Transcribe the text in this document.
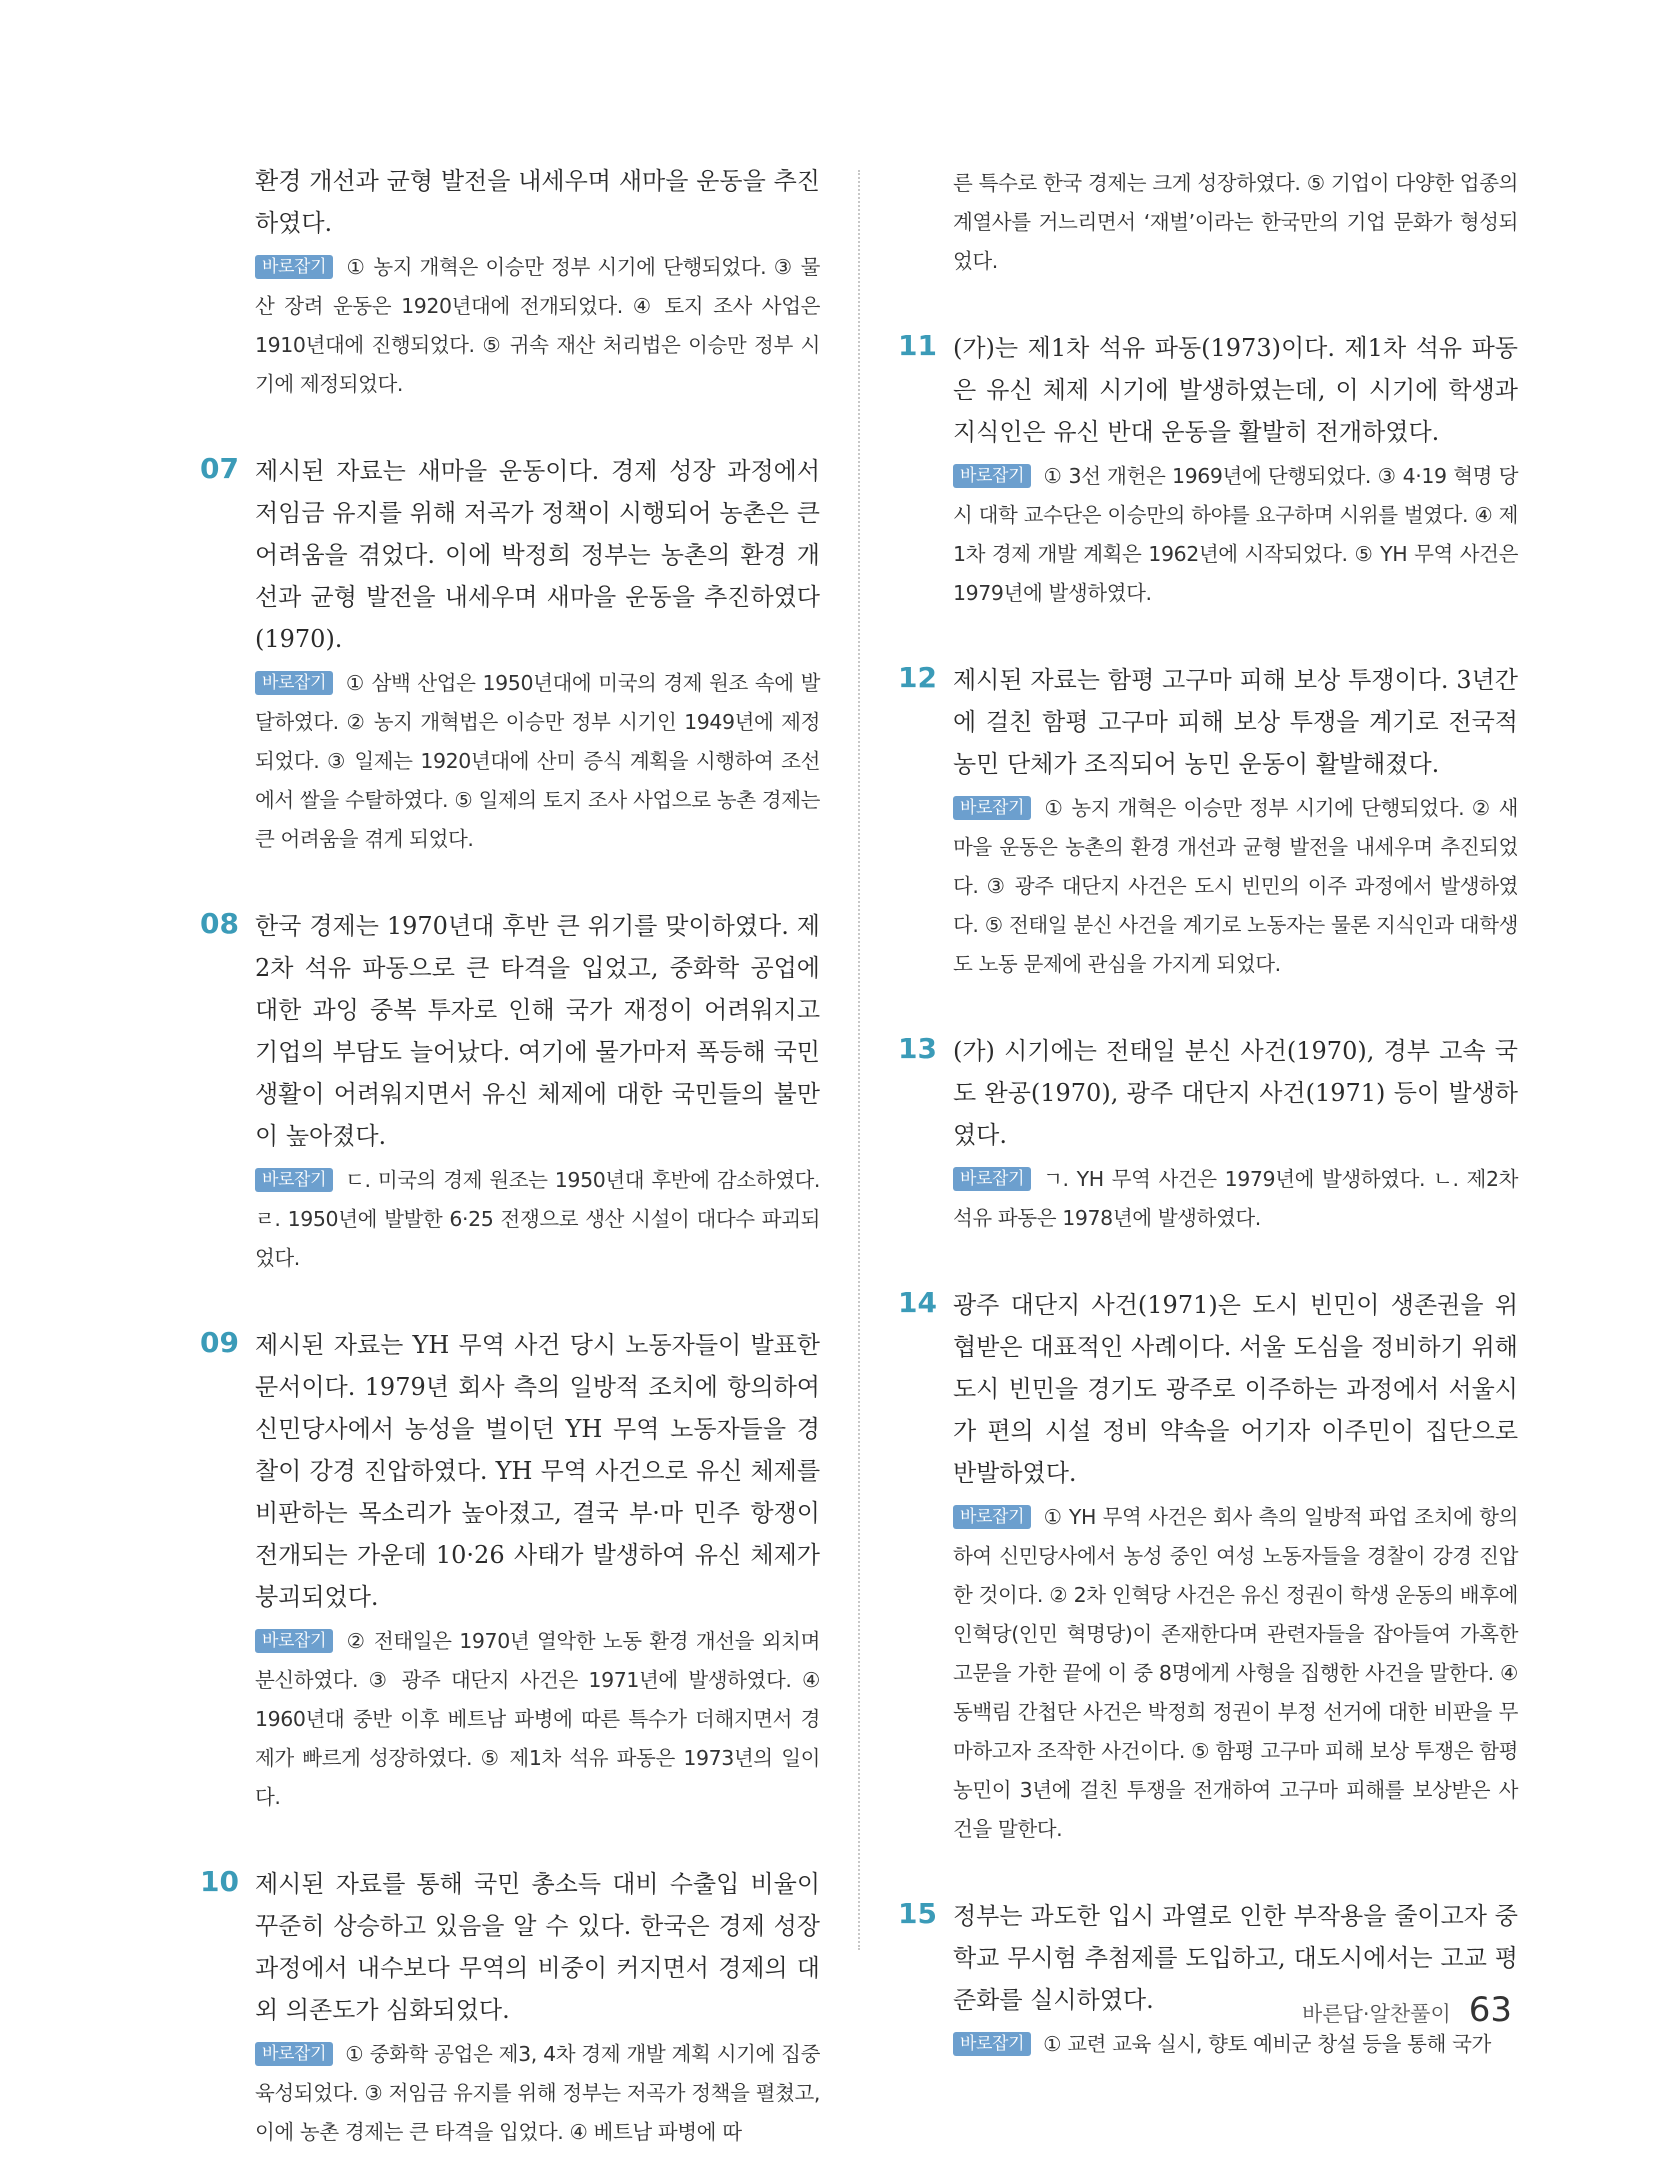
환경 개선과 균형 발전을 내세우며 새마을 운동을 추진하였다.

바로잡기 ① 농지 개혁은 이승만 정부 시기에 단행되었다. ③ 물산 장려 운동은 1920년대에 전개되었다. ④ 토지 조사 사업은 1910년대에 진행되었다. ⑤ 귀속 재산 처리법은 이승만 정부 시기에 제정되었다.

07 제시된 자료는 새마을 운동이다. 경제 성장 과정에서 저임금 유지를 위해 저곡가 정책이 시행되어 농촌은 큰 어려움을 겪었다. 이에 박정희 정부는 농촌의 환경 개선과 균형 발전을 내세우며 새마을 운동을 추진하였다(1970).

바로잡기 ① 삼백 산업은 1950년대에 미국의 경제 원조 속에 발달하였다. ② 농지 개혁법은 이승만 정부 시기인 1949년에 제정되었다. ③ 일제는 1920년대에 산미 증식 계획을 시행하여 조선에서 쌀을 수탈하였다. ⑤ 일제의 토지 조사 사업으로 농촌 경제는 큰 어려움을 겪게 되었다.

08 한국 경제는 1970년대 후반 큰 위기를 맞이하였다. 제2차 석유 파동으로 큰 타격을 입었고, 중화학 공업에 대한 과잉 중복 투자로 인해 국가 재정이 어려워지고 기업의 부담도 늘어났다. 여기에 물가마저 폭등해 국민 생활이 어려워지면서 유신 체제에 대한 국민들의 불만이 높아졌다.

바로잡기 ㄷ. 미국의 경제 원조는 1950년대 후반에 감소하였다. ㄹ. 1950년에 발발한 6·25 전쟁으로 생산 시설이 대다수 파괴되었다.

09 제시된 자료는 YH 무역 사건 당시 노동자들이 발표한 문서이다. 1979년 회사 측의 일방적 조치에 항의하여 신민당사에서 농성을 벌이던 YH 무역 노동자들을 경찰이 강경 진압하였다. YH 무역 사건으로 유신 체제를 비판하는 목소리가 높아졌고, 결국 부·마 민주 항쟁이 전개되는 가운데 10·26 사태가 발생하여 유신 체제가 붕괴되었다.

바로잡기 ② 전태일은 1970년 열악한 노동 환경 개선을 외치며 분신하였다. ③ 광주 대단지 사건은 1971년에 발생하였다. ④ 1960년대 중반 이후 베트남 파병에 따른 특수가 더해지면서 경제가 빠르게 성장하였다. ⑤ 제1차 석유 파동은 1973년의 일이다.

10 제시된 자료를 통해 국민 총소득 대비 수출입 비율이 꾸준히 상승하고 있음을 알 수 있다. 한국은 경제 성장 과정에서 내수보다 무역의 비중이 커지면서 경제의 대외 의존도가 심화되었다.

바로잡기 ① 중화학 공업은 제3, 4차 경제 개발 계획 시기에 집중 육성되었다. ③ 저임금 유지를 위해 정부는 저곡가 정책을 펼쳤고, 이에 농촌 경제는 큰 타격을 입었다. ④ 베트남 파병에 따

른 특수로 한국 경제는 크게 성장하였다. ⑤ 기업이 다양한 업종의 계열사를 거느리면서 ‘재벌’이라는 한국만의 기업 문화가 형성되었다.

11 (가)는 제1차 석유 파동(1973)이다. 제1차 석유 파동은 유신 체제 시기에 발생하였는데, 이 시기에 학생과 지식인은 유신 반대 운동을 활발히 전개하였다.

바로잡기 ① 3선 개헌은 1969년에 단행되었다. ③ 4·19 혁명 당시 대학 교수단은 이승만의 하야를 요구하며 시위를 벌였다. ④ 제1차 경제 개발 계획은 1962년에 시작되었다. ⑤ YH 무역 사건은 1979년에 발생하였다.

12 제시된 자료는 함평 고구마 피해 보상 투쟁이다. 3년간에 걸친 함평 고구마 피해 보상 투쟁을 계기로 전국적 농민 단체가 조직되어 농민 운동이 활발해졌다.

바로잡기 ① 농지 개혁은 이승만 정부 시기에 단행되었다. ② 새마을 운동은 농촌의 환경 개선과 균형 발전을 내세우며 추진되었다. ③ 광주 대단지 사건은 도시 빈민의 이주 과정에서 발생하였다. ⑤ 전태일 분신 사건을 계기로 노동자는 물론 지식인과 대학생도 노동 문제에 관심을 가지게 되었다.

13 (가) 시기에는 전태일 분신 사건(1970), 경부 고속 국도 완공(1970), 광주 대단지 사건(1971) 등이 발생하였다.

바로잡기 ㄱ. YH 무역 사건은 1979년에 발생하였다. ㄴ. 제2차 석유 파동은 1978년에 발생하였다.

14 광주 대단지 사건(1971)은 도시 빈민이 생존권을 위협받은 대표적인 사례이다. 서울 도심을 정비하기 위해 도시 빈민을 경기도 광주로 이주하는 과정에서 서울시가 편의 시설 정비 약속을 어기자 이주민이 집단으로 반발하였다.

바로잡기 ① YH 무역 사건은 회사 측의 일방적 파업 조치에 항의하여 신민당사에서 농성 중인 여성 노동자들을 경찰이 강경 진압한 것이다. ② 2차 인혁당 사건은 유신 정권이 학생 운동의 배후에 인혁당(인민 혁명당)이 존재한다며 관련자들을 잡아들여 가혹한 고문을 가한 끝에 이 중 8명에게 사형을 집행한 사건을 말한다. ④ 동백림 간첩단 사건은 박정희 정권이 부정 선거에 대한 비판을 무마하고자 조작한 사건이다. ⑤ 함평 고구마 피해 보상 투쟁은 함평 농민이 3년에 걸친 투쟁을 전개하여 고구마 피해를 보상받은 사건을 말한다.

15 정부는 과도한 입시 과열로 인한 부작용을 줄이고자 중학교 무시험 추첨제를 도입하고, 대도시에서는 고교 평준화를 실시하였다.

바로잡기 ① 교련 교육 실시, 향토 예비군 창설 등을 통해 국가

바른답·알찬풀이 63
